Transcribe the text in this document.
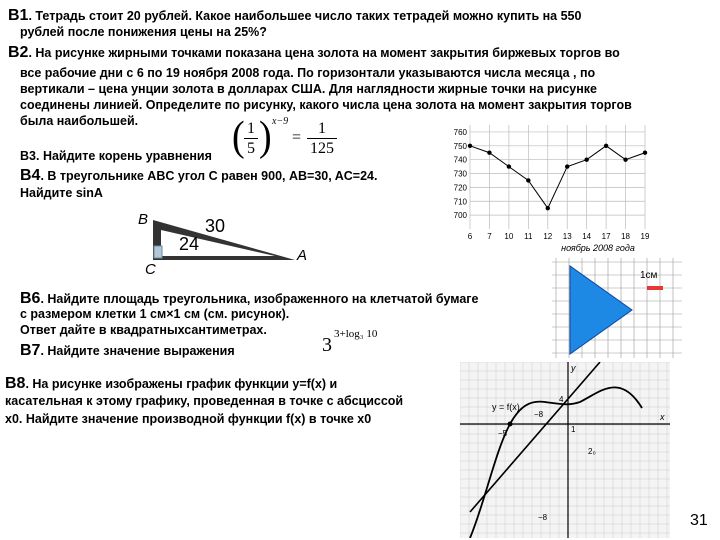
В1. Тетрадь стоит 20 рублей. Какое наибольшее число таких тетрадей можно купить на 550
рублей после понижения цены на 25%?
В2. На рисунке жирными точками показана цена золота на момент закрытия биржевых торгов во
все рабочие дни с 6 по 19 ноября 2008 года. По горизонтали указываются числа месяца , по
вертикали – цена унции золота в долларах США. Для наглядности жирные точки на рисунке
соединены линией. Определите по рисунку, какого числа цена золота на момент закрытия торгов
была наибольшей.
700
710
720
730
740
750
760
6 7 10 11 12 13 14 17 18 19
ноябрь 2008 года
В3. Найдите корень уравнения ( 1
5 ) x−9
=
1
125
В4. В треугольнике ABC угол C равен 900, AB=30, AC=24.
Найдите sinA
B
C
A
30
24
В6. Найдите площадь треугольника, изображенного на клетчатой бумаге
с размером клетки 1 см×1 см (см. рисунок).
Ответ дайте в квадратныхсантиметрах.
1см
В7. Найдите значение выражения	3 3+log₃ 10
В8. На рисунке изображены график функции y=f(x) и
касательная к этому графику, проведенная в точке с абсциссой
x0. Найдите значение производной функции f(x) в точке x0
y = f(x)
y
x
4
1
−8
−5
−8
2₀
31
